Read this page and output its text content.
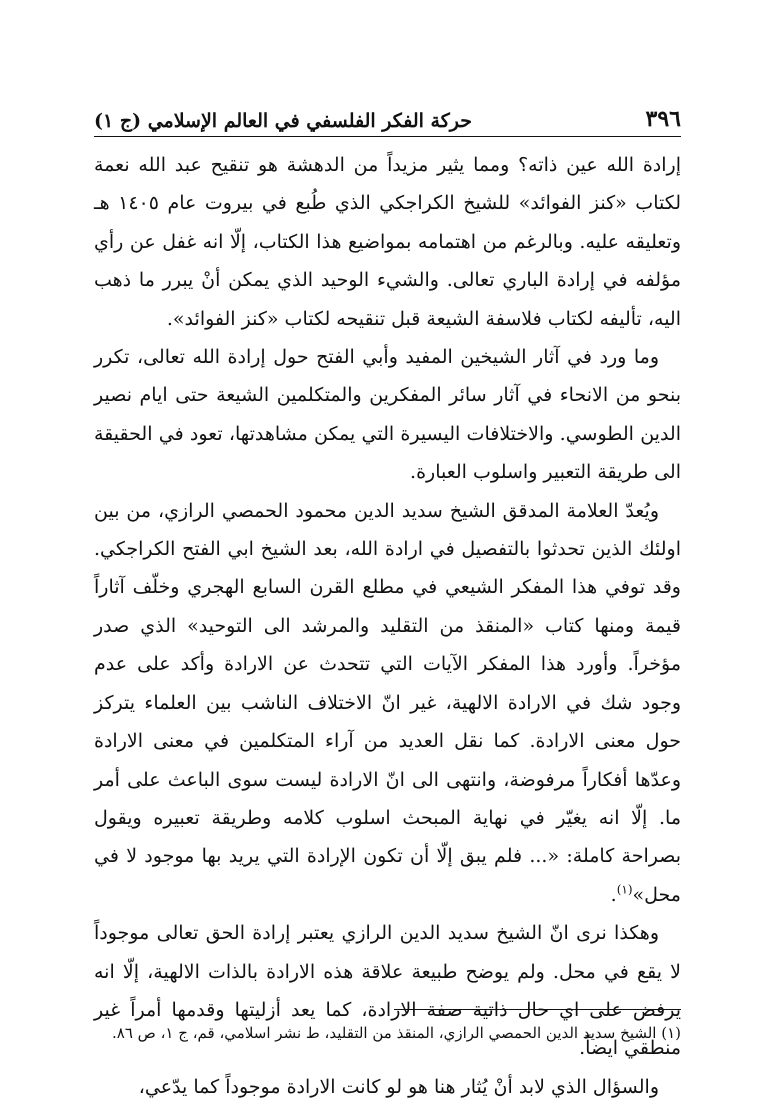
٣٩٦
حركة الفكر الفلسفي في العالم الإسلامي (ج ١)

إرادة الله عين ذاته؟ ومما يثير مزيداً من الدهشة هو تنقيح عبد الله نعمة لكتاب «كنز الفوائد» للشيخ الكراجكي الذي طُبع في بيروت عام ١٤٠٥ هـ وتعليقه عليه. وبالرغم من اهتمامه بمواضيع هذا الكتاب، إلّا انه غفل عن رأي مؤلفه في إرادة الباري تعالى. والشيء الوحيد الذي يمكن أنْ يبرر ما ذهب اليه، تأليفه لكتاب فلاسفة الشيعة قبل تنقيحه لكتاب «كنز الفوائد».

وما ورد في آثار الشيخين المفيد وأبي الفتح حول إرادة الله تعالى، تكرر بنحو من الانحاء في آثار سائر المفكرين والمتكلمين الشيعة حتى ايام نصير الدين الطوسي. والاختلافات اليسيرة التي يمكن مشاهدتها، تعود في الحقيقة الى طريقة التعبير واسلوب العبارة.

ويُعدّ العلامة المدقق الشيخ سديد الدين محمود الحمصي الرازي، من بين اولئك الذين تحدثوا بالتفصيل في ارادة الله، بعد الشيخ ابي الفتح الكراجكي. وقد توفي هذا المفكر الشيعي في مطلع القرن السابع الهجري وخلّف آثاراً قيمة ومنها كتاب «المنقذ من التقليد والمرشد الى التوحيد» الذي صدر مؤخراً. وأورد هذا المفكر الآيات التي تتحدث عن الارادة وأكد على عدم وجود شك في الارادة الالهية، غير انّ الاختلاف الناشب بين العلماء يتركز حول معنى الارادة. كما نقل العديد من آراء المتكلمين في معنى الارادة وعدّها أفكاراً مرفوضة، وانتهى الى انّ الارادة ليست سوى الباعث على أمر ما. إلّا انه يغيّر في نهاية المبحث اسلوب كلامه وطريقة تعبيره ويقول بصراحة كاملة: «... فلم يبق إلّا أن تكون الإرادة التي يريد بها موجود لا في محل»$^{(١)}$.

وهكذا نرى انّ الشيخ سديد الدين الرازي يعتبر إرادة الحق تعالى موجوداً لا يقع في محل. ولم يوضح طبيعة علاقة هذه الارادة بالذات الالهية، إلّا انه يرفض على اي حال ذاتية صفة الارادة، كما يعد أزليتها وقدمها أمراً غير منطقي ايضاً.

والسؤال الذي لابد أنْ يُثار هنا هو لو كانت الارادة موجوداً كما يدّعي،

(١) الشيخ سديد الدين الحمصي الرازي، المنقذ من التقليد، ط نشر اسلامي، قم، ج ١، ص ٨٦.
